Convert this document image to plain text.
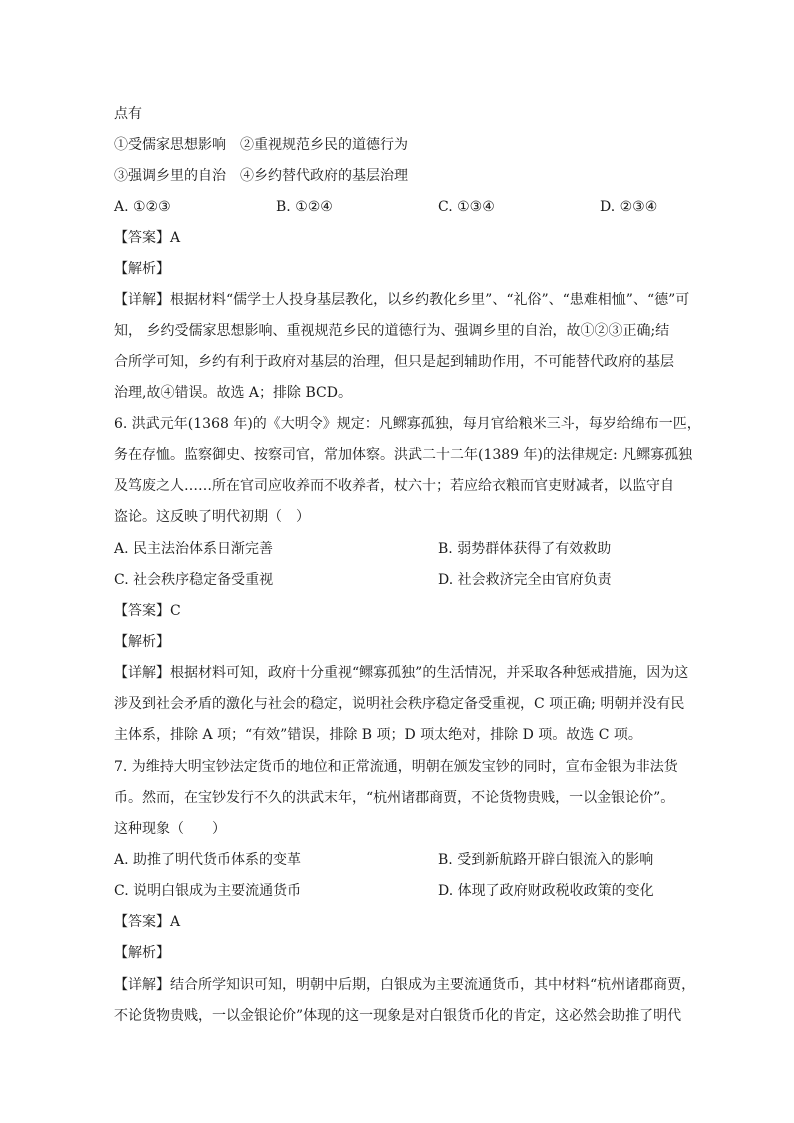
点有
①受儒家思想影响　②重视规范乡民的道德行为
③强调乡里的自治　④乡约替代政府的基层治理
A. ①②③	B. ①②④	C. ①③④	D. ②③④
【答案】A
【解析】
【详解】根据材料“儒学士人投身基层教化，以乡约教化乡里”、“礼俗”、“患难相恤”、“德”可
知， 乡约受儒家思想影响、重视规范乡民的道德行为、强调乡里的自治，故①②③正确;结
合所学可知，乡约有利于政府对基层的治理，但只是起到辅助作用，不可能替代政府的基层
治理,故④错误。故选 A；排除 BCD。
6. 洪武元年(1368 年)的《大明令》规定：凡鳏寡孤独，每月官给粮米三斗，每岁给绵布一匹，
务在存恤。监察御史、按察司官，常加体察。洪武二十二年(1389 年)的法律规定: 凡鳏寡孤独
及笃废之人……所在官司应收养而不收养者，杖六十；若应给衣粮而官吏财减者，以监守自
盗论。这反映了明代初期（　）
A. 民主法治体系日渐完善	B. 弱势群体获得了有效救助
C. 社会秩序稳定备受重视	D. 社会救济完全由官府负责
【答案】C
【解析】
【详解】根据材料可知，政府十分重视“鳏寡孤独”的生活情况，并采取各种惩戒措施，因为这
涉及到社会矛盾的激化与社会的稳定，说明社会秩序稳定备受重视，C 项正确; 明朝并没有民
主体系，排除 A 项；“有效”错误，排除 B 项；D 项太绝对，排除 D 项。故选 C 项。
7. 为维持大明宝钞法定货币的地位和正常流通，明朝在颁发宝钞的同时，宣布金银为非法货
币。然而，在宝钞发行不久的洪武末年，“杭州诸郡商贾，不论货物贵贱，一以金银论价”。
这种现象（　　）
A. 助推了明代货币体系的变革	B. 受到新航路开辟白银流入的影响
C. 说明白银成为主要流通货币	D. 体现了政府财政税收政策的变化
【答案】A
【解析】
【详解】结合所学知识可知，明朝中后期，白银成为主要流通货币，其中材料“杭州诸郡商贾，
不论货物贵贱，一以金银论价”体现的这一现象是对白银货币化的肯定，这必然会助推了明代
